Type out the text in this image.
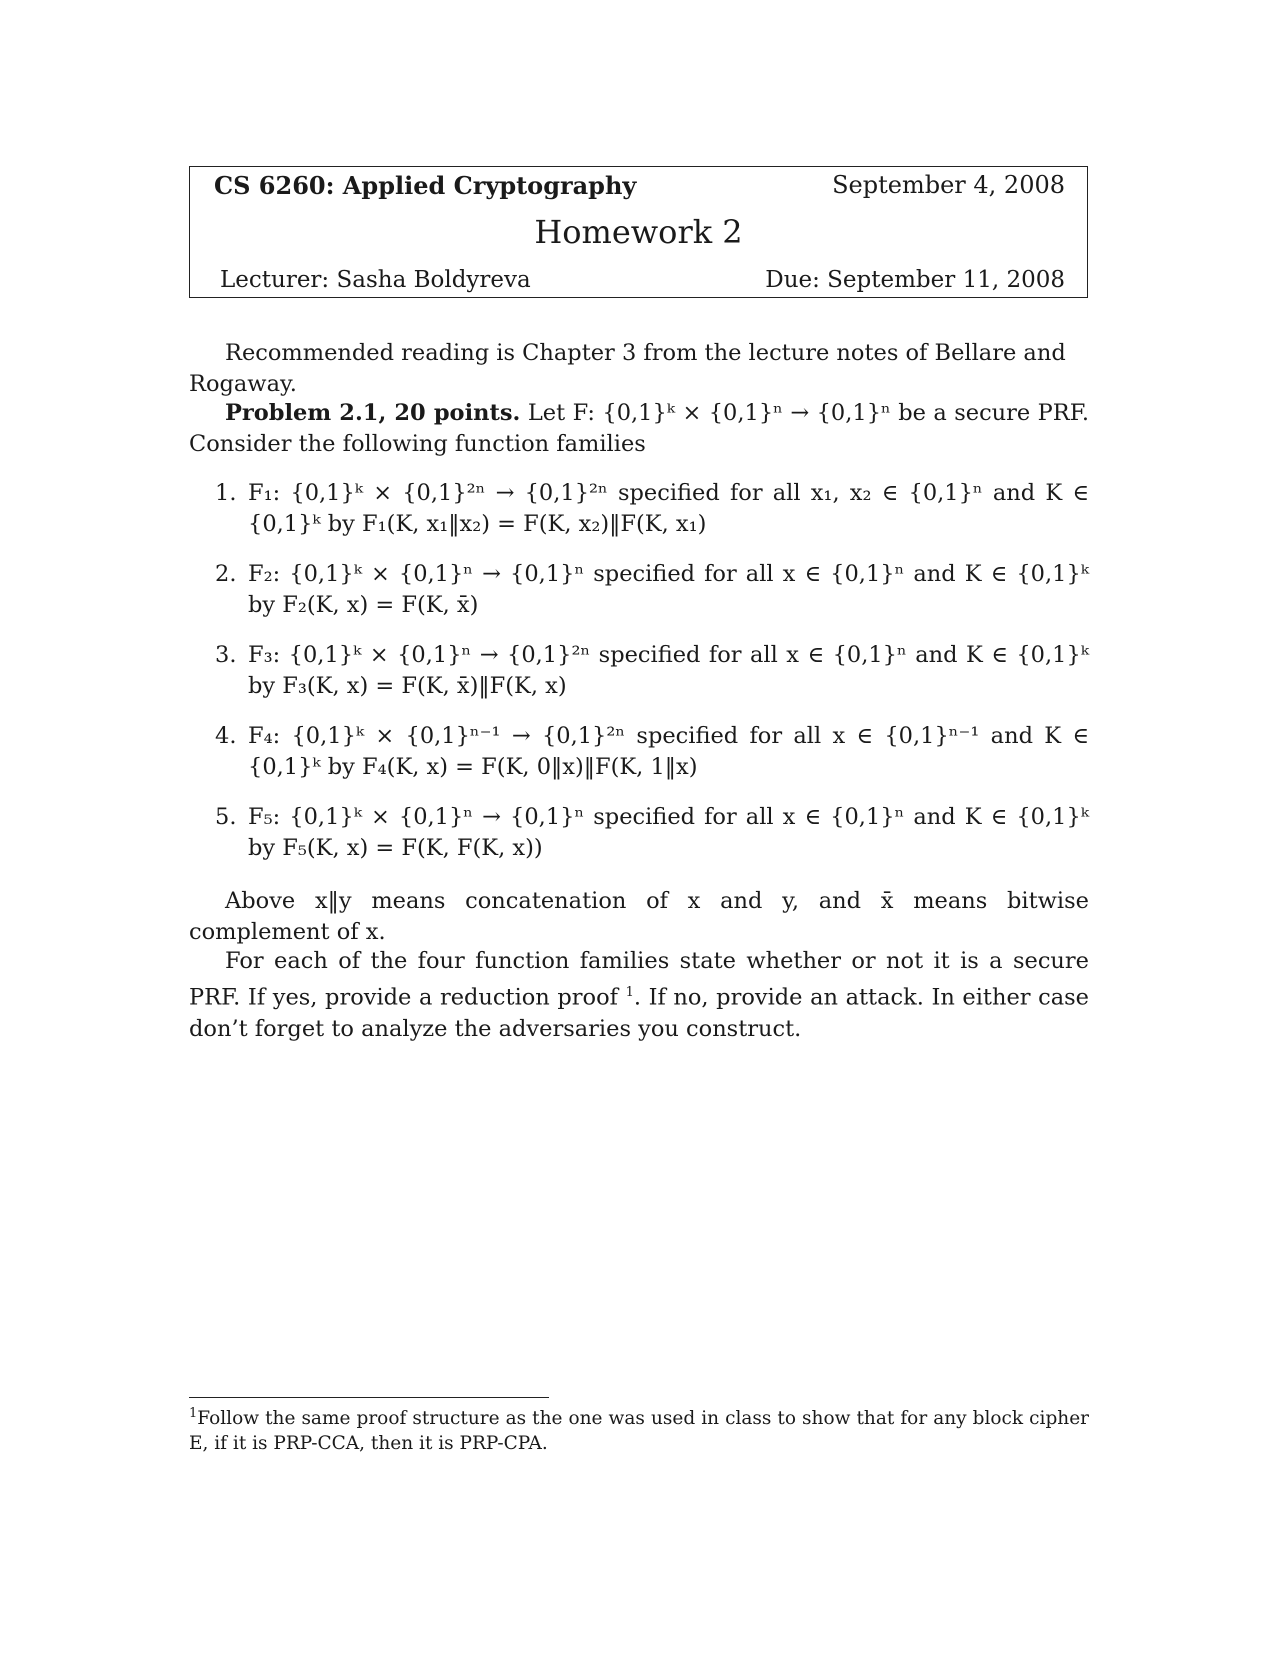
CS 6260: Applied Cryptography	September 4, 2008
Homework 2
Lecturer: Sasha Boldyreva	Due: September 11, 2008
Recommended reading is Chapter 3 from the lecture notes of Bellare and Rogaway.
Problem 2.1, 20 points. Let F: {0,1}ᵏ × {0,1}ⁿ → {0,1}ⁿ be a secure PRF. Consider the following function families
1. F₁: {0,1}ᵏ × {0,1}²ⁿ → {0,1}²ⁿ specified for all x₁, x₂ ∈ {0,1}ⁿ and K ∈ {0,1}ᵏ by F₁(K, x₁‖x₂) = F(K, x₂)‖F(K, x₁)
2. F₂: {0,1}ᵏ × {0,1}ⁿ → {0,1}ⁿ specified for all x ∈ {0,1}ⁿ and K ∈ {0,1}ᵏ by F₂(K, x) = F(K, x̄)
3. F₃: {0,1}ᵏ × {0,1}ⁿ → {0,1}²ⁿ specified for all x ∈ {0,1}ⁿ and K ∈ {0,1}ᵏ by F₃(K, x) = F(K, x̄)‖F(K, x)
4. F₄: {0,1}ᵏ × {0,1}ⁿ⁻¹ → {0,1}²ⁿ specified for all x ∈ {0,1}ⁿ⁻¹ and K ∈ {0,1}ᵏ by F₄(K, x) = F(K, 0‖x)‖F(K, 1‖x)
5. F₅: {0,1}ᵏ × {0,1}ⁿ → {0,1}ⁿ specified for all x ∈ {0,1}ⁿ and K ∈ {0,1}ᵏ by F₅(K, x) = F(K, F(K, x))
Above x‖y means concatenation of x and y, and x̄ means bitwise complement of x.
For each of the four function families state whether or not it is a secure PRF. If yes, provide a reduction proof $^1$. If no, provide an attack. In either case don’t forget to analyze the adversaries you construct.
$^1$Follow the same proof structure as the one was used in class to show that for any block cipher E, if it is PRP-CCA, then it is PRP-CPA.
